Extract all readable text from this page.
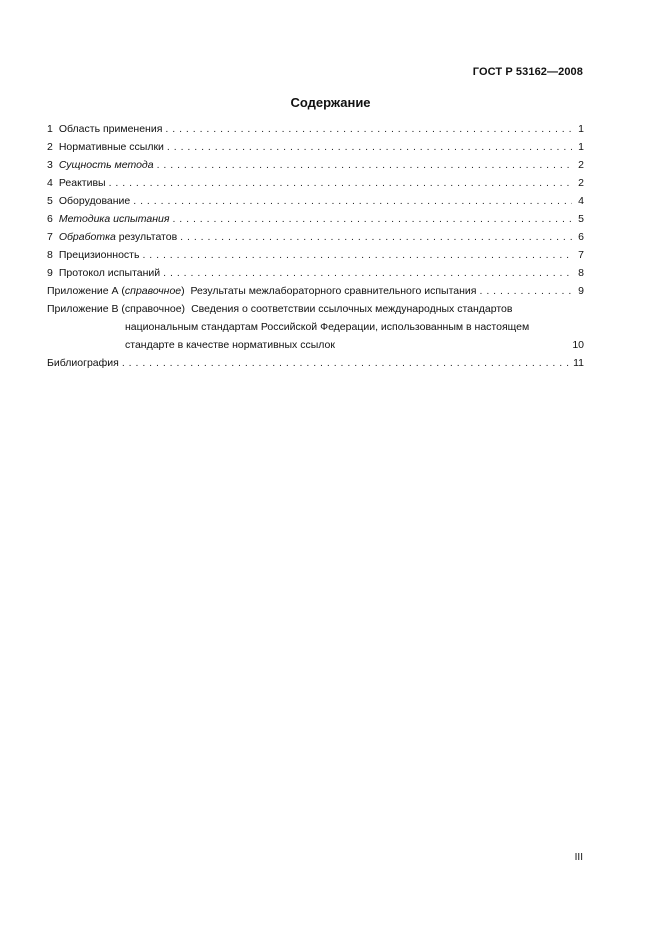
ГОСТ Р 53162—2008
Содержание
1 Область применения . . .	1
2 Нормативные ссылки . . .	1
3 Сущность метода . . .	2
4 Реактивы . . .	2
5 Оборудование . . .	4
6 Методика испытания . . .	5
7 Обработка результатов . . .	6
8 Прецизионность . . .	7
9 Протокол испытаний . . .	8
Приложение А (справочное) Результаты межлабораторного сравнительного испытания . . .	9
Приложение В (справочное) Сведения о соответствии ссылочных международных стандартов
национальным стандартам Российской Федерации, использованным в настоящем
стандарте в качестве нормативных ссылок	10
Библиография . . .	11
III
